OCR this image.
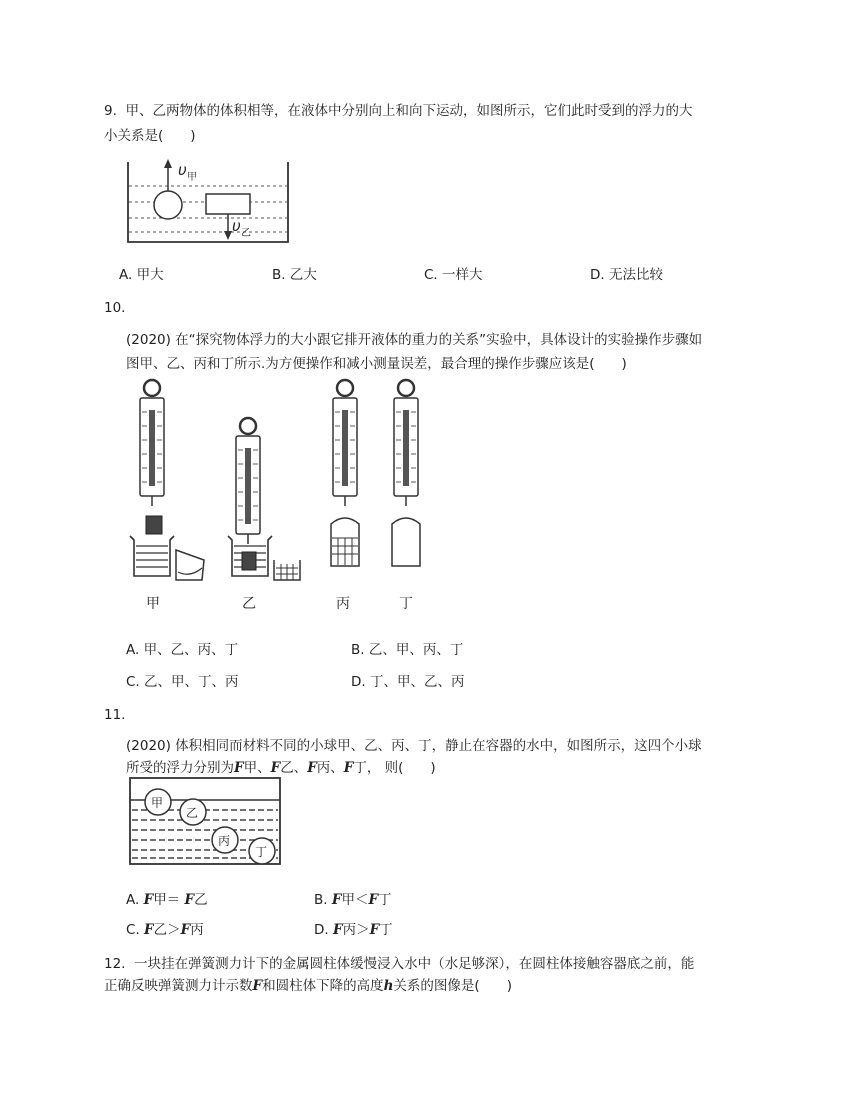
9. 甲、乙两物体的体积相等，在液体中分别向上和向下运动，如图所示，它们此时受到的浮力的大
小关系是(　　)
υ 甲
υ 乙
A. 甲大	B. 乙大	C. 一样大	D. 无法比较
10.
(2020) 在“探究物体浮力的大小跟它排开液体的重力的关系”实验中，具体设计的实验操作步骤如
图甲、乙、丙和丁所示.为方便操作和减小测量误差，最合理的操作步骤应该是(　　)
甲	乙	丙	丁
A. 甲、乙、丙、丁	B. 乙、甲、丙、丁
C. 乙、甲、丁、丙	D. 丁、甲、乙、丙
11.
(2020) 体积相同而材料不同的小球甲、乙、丙、丁，静止在容器的水中，如图所示，这四个小球
所受的浮力分别为F甲、F乙、F丙、F丁， 则(　　)
甲
乙
丙
丁
A. F甲＝ F乙	B. F甲＜F丁
C. F乙＞F丙	D. F丙＞F丁
12. 一块挂在弹簧测力计下的金属圆柱体缓慢浸入水中（水足够深），在圆柱体接触容器底之前，能
正确反映弹簧测力计示数F和圆柱体下降的高度h关系的图像是(　　)
